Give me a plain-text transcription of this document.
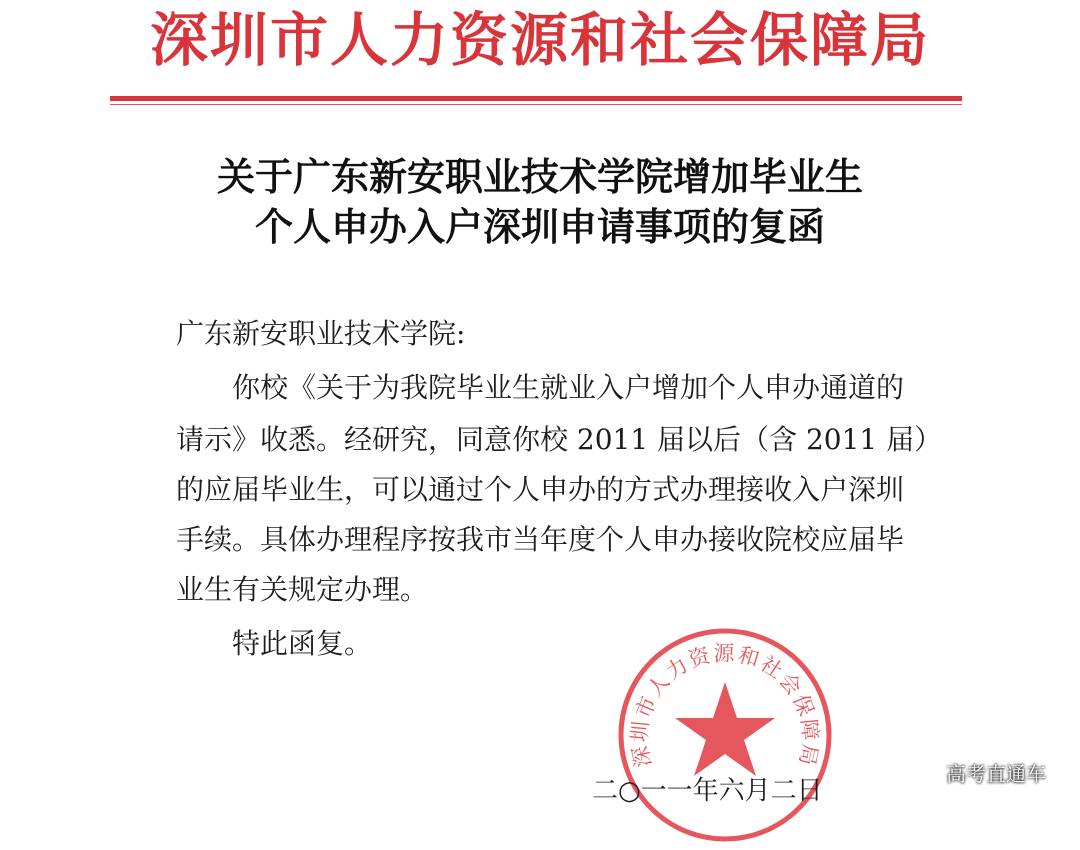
深圳市人力资源和社会保障局
关于广东新安职业技术学院增加毕业生
个人申办入户深圳申请事项的复函
广东新安职业技术学院:
你校《关于为我院毕业生就业入户增加个人申办通道的
请示》收悉。经研究，同意你校 2011 届以后（含 2011 届）
的应届毕业生，可以通过个人申办的方式办理接收入户深圳
手续。具体办理程序按我市当年度个人申办接收院校应届毕
业生有关规定办理。
特此函复。
深圳市人力资源和社会保障局
二○一一年六月二日
高考直通车
